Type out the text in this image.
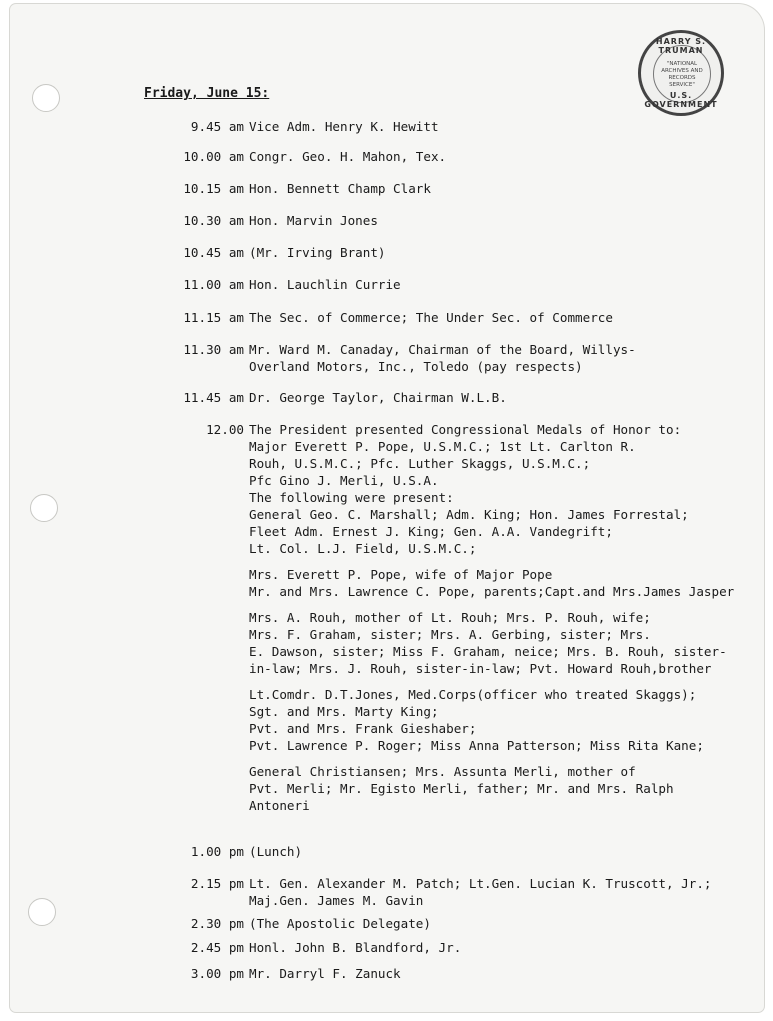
HARRY S. TRUMAN
"NATIONAL ARCHIVES AND RECORDS SERVICE"
U.S. GOVERNMENT
Friday, June 15:
9.45 am Vice Adm. Henry K. Hewitt
10.00 am Congr. Geo. H. Mahon, Tex.
10.15 am Hon. Bennett Champ Clark
10.30 am Hon. Marvin Jones
10.45 am (Mr. Irving Brant)
11.00 am Hon. Lauchlin Currie
11.15 am The Sec. of Commerce; The Under Sec. of Commerce
11.30 am Mr. Ward M. Canaday, Chairman of the Board, Willys-
Overland Motors, Inc., Toledo (pay respects)
11.45 am Dr. George Taylor, Chairman W.L.B.
12.00 The President presented Congressional Medals of Honor to:
Major Everett P. Pope, U.S.M.C.; 1st Lt. Carlton R.
Rouh, U.S.M.C.; Pfc. Luther Skaggs, U.S.M.C.;
Pfc Gino J. Merli, U.S.A.
The following were present:
General Geo. C. Marshall; Adm. King; Hon. James Forrestal;
Fleet Adm. Ernest J. King; Gen. A.A. Vandegrift;
Lt. Col. L.J. Field, U.S.M.C.;
Mrs. Everett P. Pope, wife of Major Pope
Mr. and Mrs. Lawrence C. Pope, parents;Capt.and Mrs.James Jasper
Mrs. A. Rouh, mother of Lt. Rouh; Mrs. P. Rouh, wife;
Mrs. F. Graham, sister; Mrs. A. Gerbing, sister; Mrs.
E. Dawson, sister; Miss F. Graham, neice; Mrs. B. Rouh, sister-
in-law; Mrs. J. Rouh, sister-in-law; Pvt. Howard Rouh,brother
Lt.Comdr. D.T.Jones, Med.Corps(officer who treated Skaggs);
Sgt. and Mrs. Marty King;
Pvt. and Mrs. Frank Gieshaber;
Pvt. Lawrence P. Roger; Miss Anna Patterson; Miss Rita Kane;
General Christiansen; Mrs. Assunta Merli, mother of
Pvt. Merli; Mr. Egisto Merli, father; Mr. and Mrs. Ralph
Antoneri
1.00 pm (Lunch)
2.15 pm Lt. Gen. Alexander M. Patch; Lt.Gen. Lucian K. Truscott, Jr.;
Maj.Gen. James M. Gavin
2.30 pm (The Apostolic Delegate)
2.45 pm Honl. John B. Blandford, Jr.
3.00 pm Mr. Darryl F. Zanuck
